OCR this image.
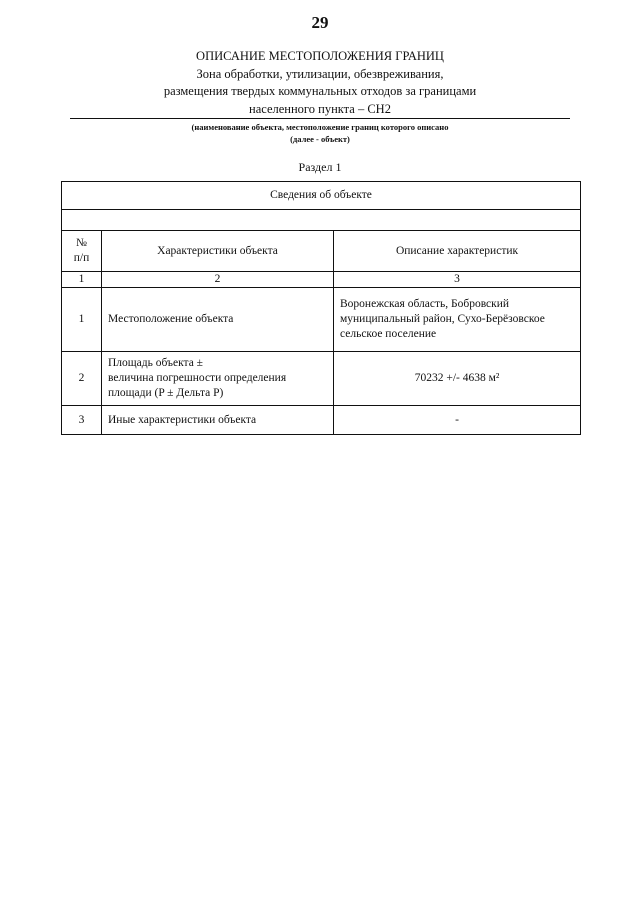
29
ОПИСАНИЕ МЕСТОПОЛОЖЕНИЯ ГРАНИЦ
Зона обработки, утилизации, обезвреживания,
размещения твердых коммунальных отходов за границами
населенного пункта – СН2
(наименование объекта, местоположение границ которого описано
(далее - объект)
Раздел 1
Сведения об объекте		

№
п/п	Характеристики объекта	Описание характеристик
1	2	3
1	Местоположение объекта	Воронежская область, Бобровский муниципальный район, Сухо-Берёзовское сельское поселение
2	Площадь объекта ±
величина погрешности определения площади (P ± Дельта P)	70232 +/- 4638 м²
3	Иные характеристики объекта	-
